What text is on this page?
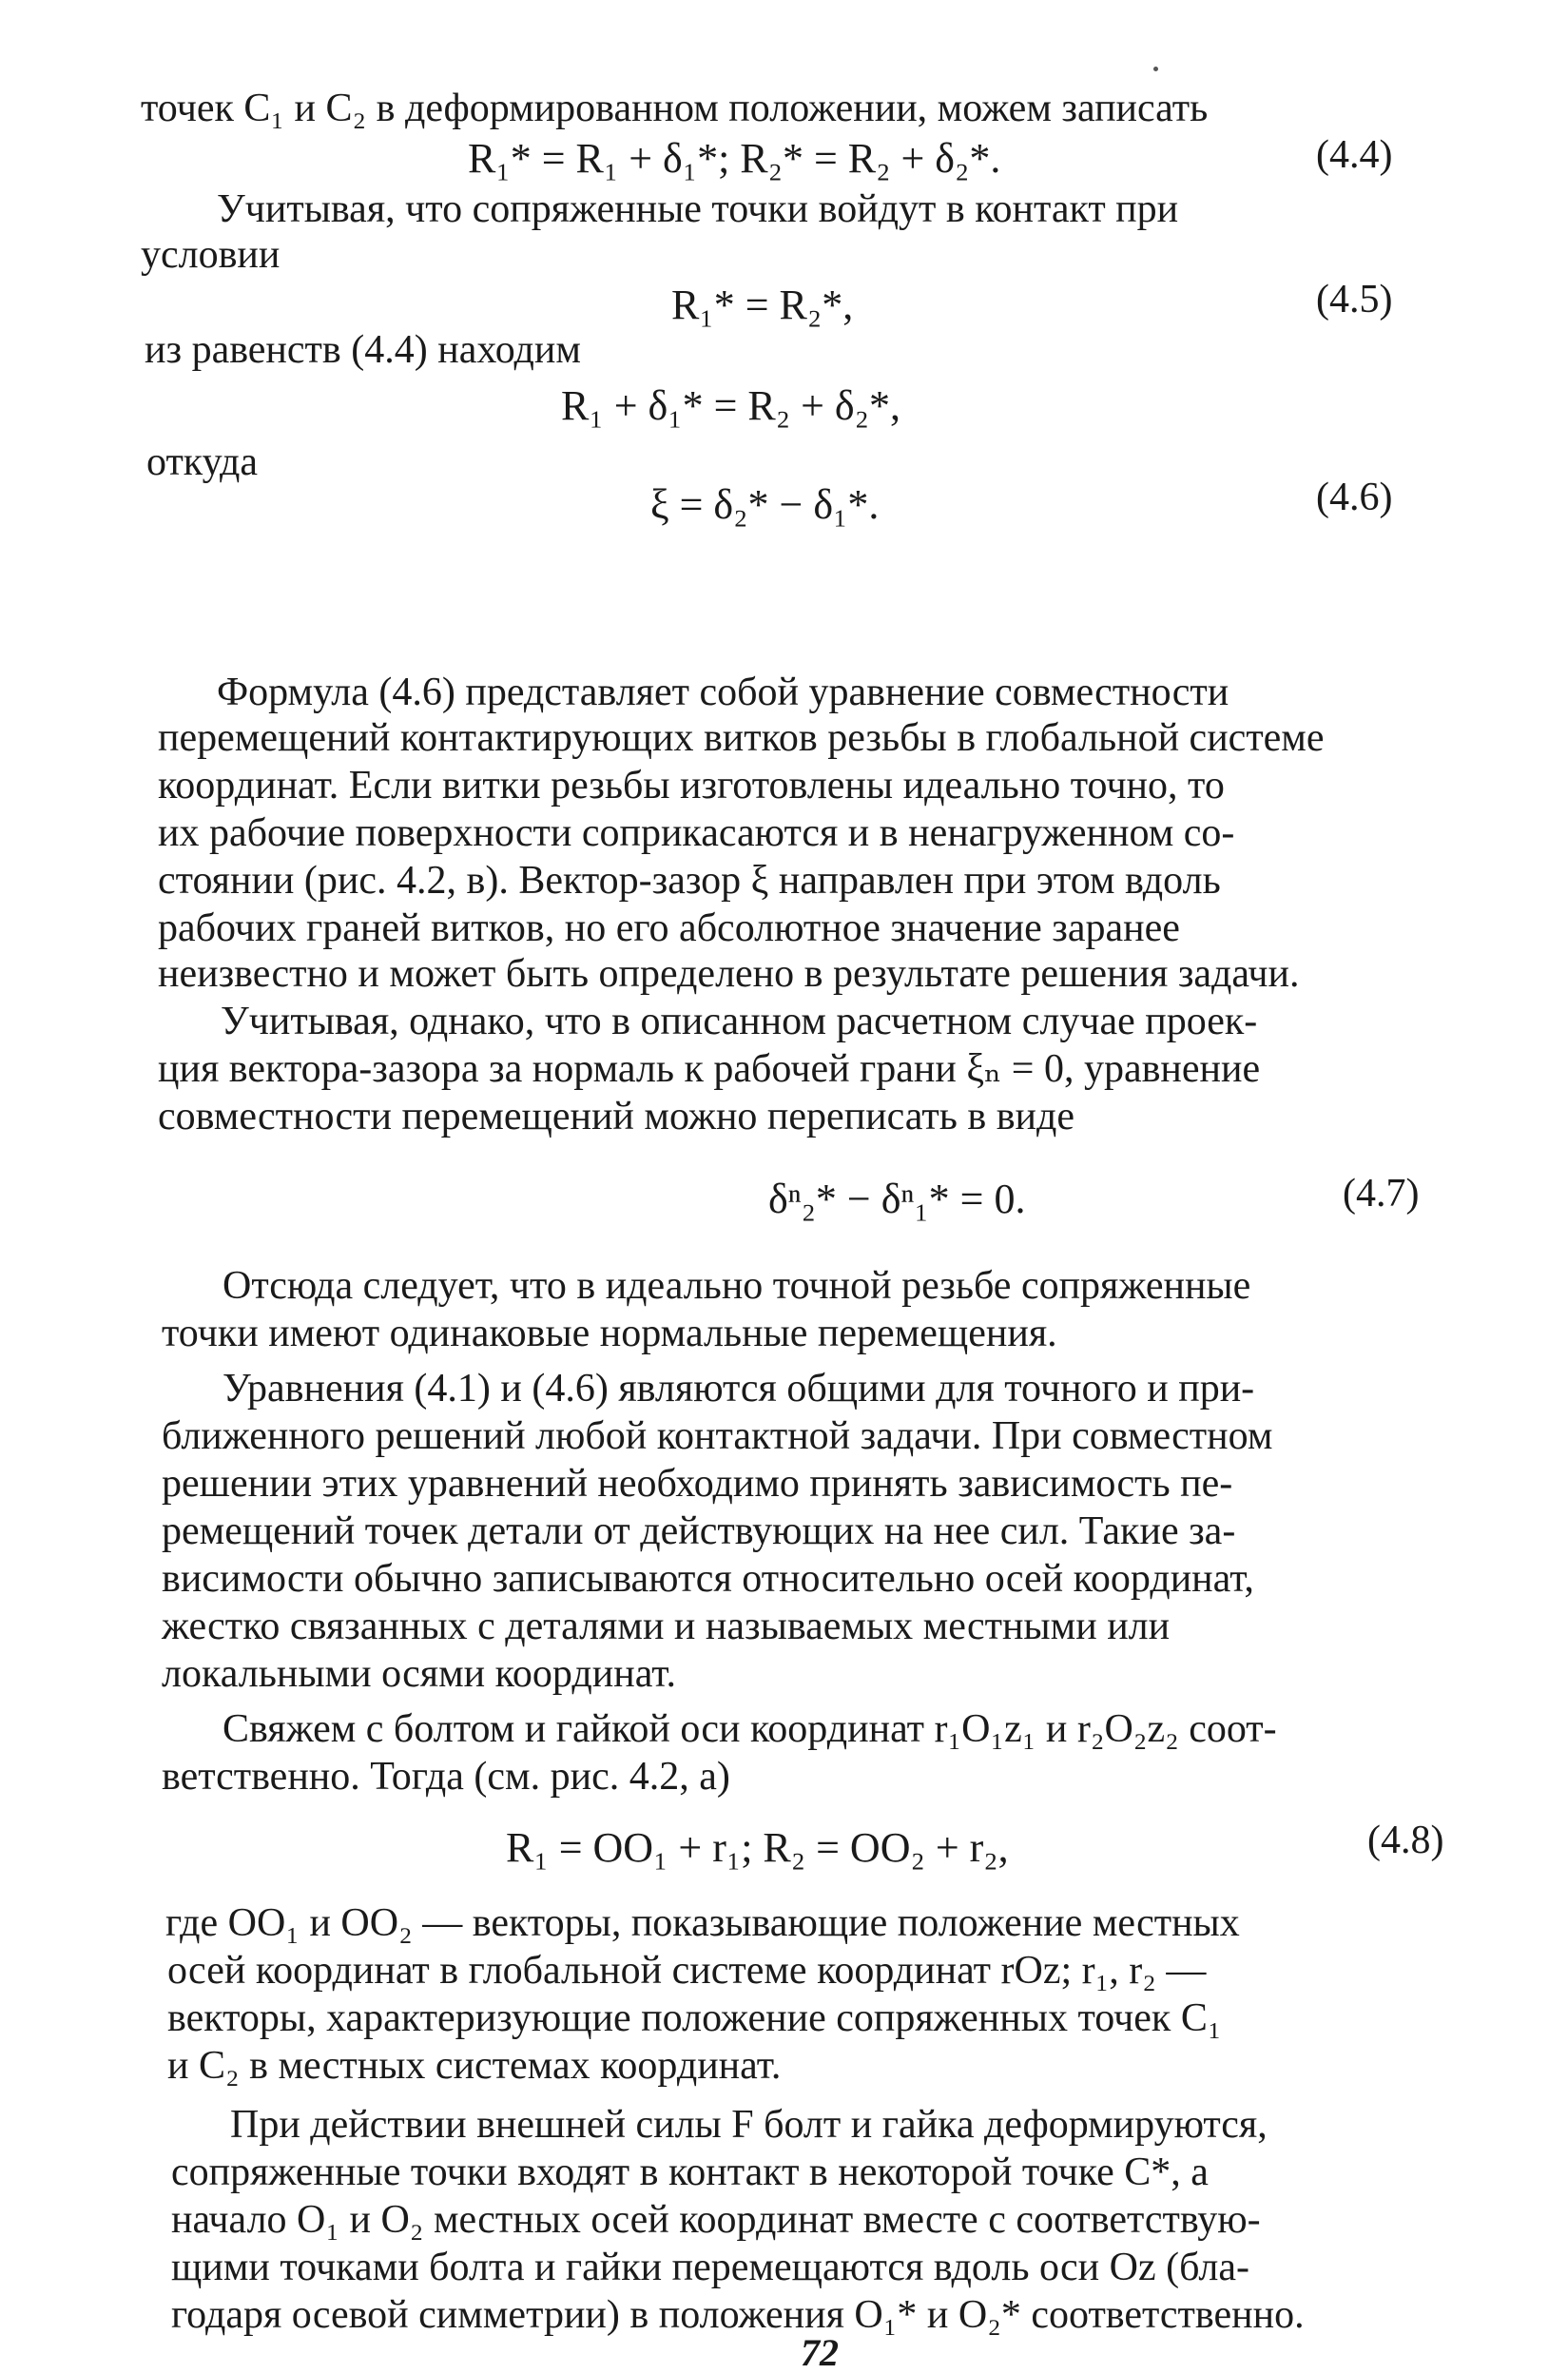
точек C₁ и C₂ в деформированном положении, можем записать
R₁* = R₁ + δ₁*; R₂* = R₂ + δ₂*.	(4.4)
Учитывая, что сопряженные точки войдут в контакт при
условии
R₁* = R₂*,	(4.5)
из равенств (4.4) находим
R₁ + δ₁* = R₂ + δ₂*,
откуда
ξ = δ₂* − δ₁*.	(4.6)
Формула (4.6) представляет собой уравнение совместности
перемещений контактирующих витков резьбы в глобальной системе
координат. Если витки резьбы изготовлены идеально точно, то
их рабочие поверхности соприкасаются и в ненагруженном со-
стоянии (рис. 4.2, в). Вектор-зазор ξ направлен при этом вдоль
рабочих граней витков, но его абсолютное значение заранее
неизвестно и может быть определено в результате решения задачи.
Учитывая, однако, что в описанном расчетном случае проек-
ция вектора-зазора за нормаль к рабочей грани ξₙ = 0, уравнение
совместности перемещений можно переписать в виде
δⁿ₂* − δⁿ₁* = 0.	(4.7)
Отсюда следует, что в идеально точной резьбе сопряженные
точки имеют одинаковые нормальные перемещения.
Уравнения (4.1) и (4.6) являются общими для точного и при-
ближенного решений любой контактной задачи. При совместном
решении этих уравнений необходимо принять зависимость пе-
ремещений точек детали от действующих на нее сил. Такие за-
висимости обычно записываются относительно осей координат,
жестко связанных с деталями и называемых местными или
локальными осями координат.
Свяжем с болтом и гайкой оси координат r₁O₁z₁ и r₂O₂z₂ соот-
ветственно. Тогда (см. рис. 4.2, а)
R₁ = OO₁ + r₁; R₂ = OO₂ + r₂,	(4.8)
где OO₁ и OO₂ — векторы, показывающие положение местных
осей координат в глобальной системе координат rOz; r₁, r₂ —
векторы, характеризующие положение сопряженных точек C₁
и C₂ в местных системах координат.
При действии внешней силы F болт и гайка деформируются,
сопряженные точки входят в контакт в некоторой точке C*, а
начало O₁ и O₂ местных осей координат вместе с соответствую-
щими точками болта и гайки перемещаются вдоль оси Oz (бла-
годаря осевой симметрии) в положения O₁* и O₂* соответственно.
72
